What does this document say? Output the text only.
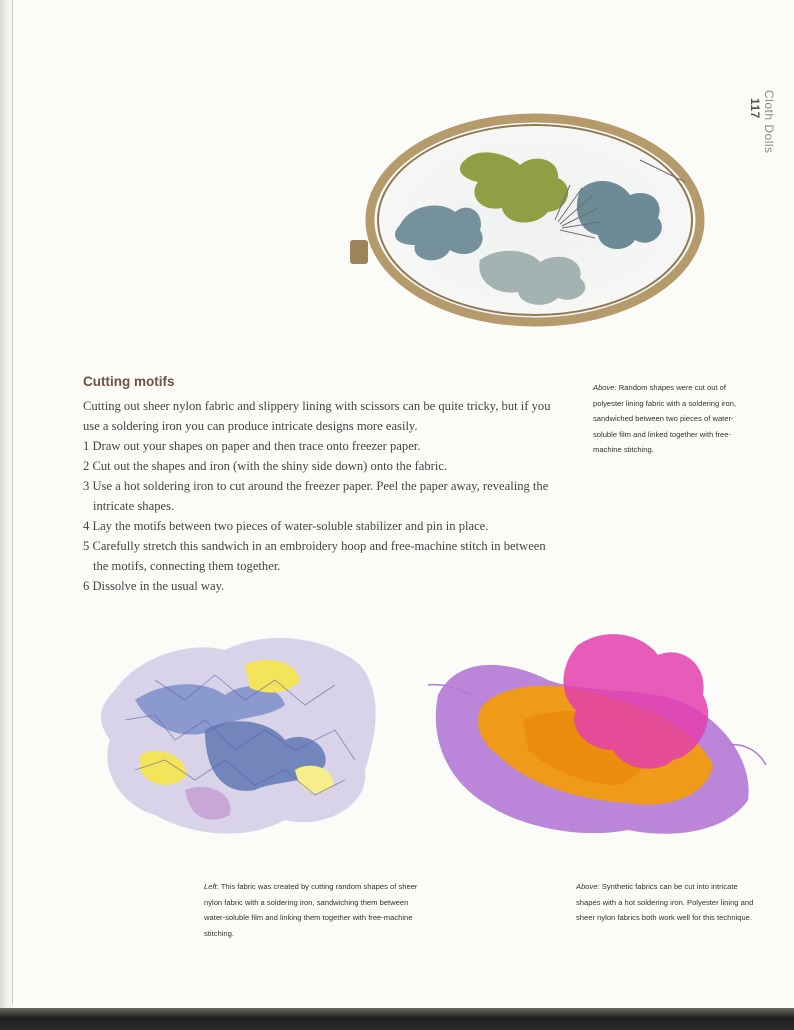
Cloth Dolls 117
Cutting motifs

Cutting out sheer nylon fabric and slippery lining with scissors can be quite tricky, but if you use a soldering iron you can produce intricate designs more easily.

1 Draw out your shapes on paper and then trace onto freezer paper.

2 Cut out the shapes and iron (with the shiny side down) onto the fabric.

3 Use a hot soldering iron to cut around the freezer paper. Peel the paper away, revealing the intricate shapes.

4 Lay the motifs between two pieces of water-soluble stabilizer and pin in place.

5 Carefully stretch this sandwich in an embroidery hoop and free-machine stitch in between the motifs, connecting them together.

6 Dissolve in the usual way.

Above: Random shapes were cut out of polyester lining fabric with a soldering iron, sandwiched between two pieces of water-soluble film and linked together with free-machine stitching.
Left: This fabric was created by cutting random shapes of sheer nylon fabric with a soldering iron, sandwiching them between water-soluble film and linking them together with free-machine stitching.
Above: Synthetic fabrics can be cut into intricate shapes with a hot soldering iron. Polyester lining and sheer nylon fabrics both work well for this technique.
